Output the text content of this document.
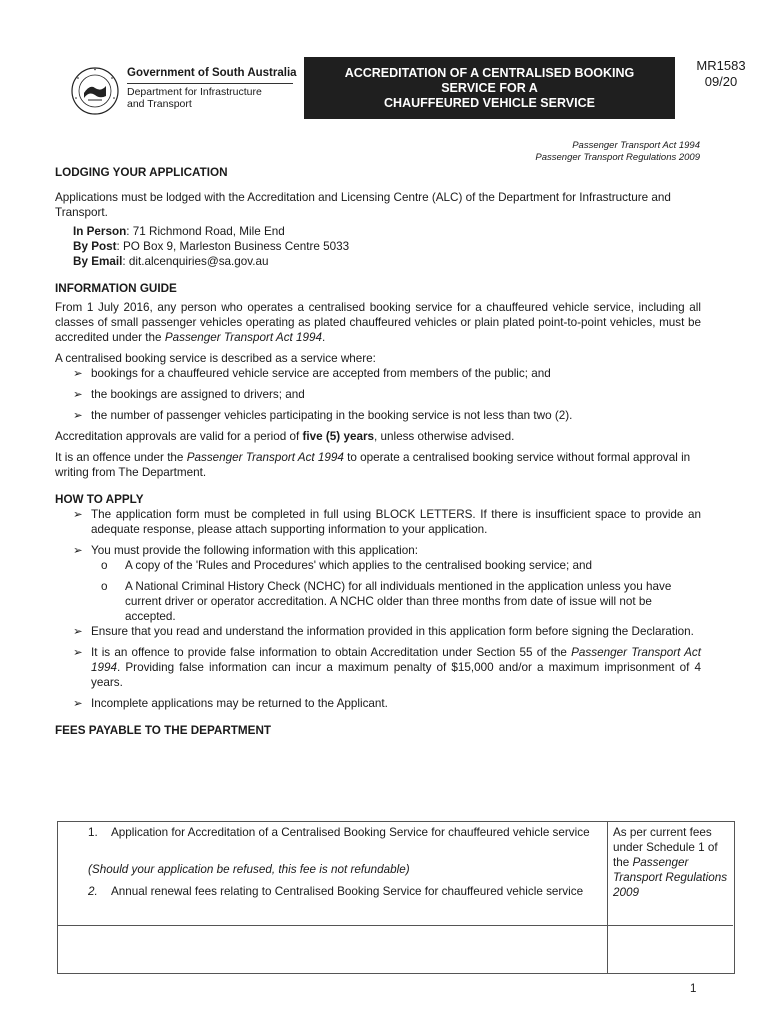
Government of South Australia
Department for Infrastructure
and Transport
ACCREDITATION OF A CENTRALISED BOOKING
SERVICE FOR A
CHAUFFEURED VEHICLE SERVICE
MR1583
09/20
Passenger Transport Act 1994
Passenger Transport Regulations 2009

LODGING YOUR APPLICATION

Applications must be lodged with the Accreditation and Licensing Centre (ALC) of the Department for Infrastructure and Transport.

In Person: 71 Richmond Road, Mile End
By Post: PO Box 9, Marleston Business Centre 5033
By Email: dit.alcenquiries@sa.gov.au

INFORMATION GUIDE

From 1 July 2016, any person who operates a centralised booking service for a chauffeured vehicle service, including all classes of small passenger vehicles operating as plated chauffeured vehicles or plain plated point-to-point vehicles, must be accredited under the Passenger Transport Act 1994.

A centralised booking service is described as a service where:

➢ bookings for a chauffeured vehicle service are accepted from members of the public; and
➢ the bookings are assigned to drivers; and
➢ the number of passenger vehicles participating in the booking service is not less than two (2).

Accreditation approvals are valid for a period of five (5) years, unless otherwise advised.

It is an offence under the Passenger Transport Act 1994 to operate a centralised booking service without formal approval in writing from The Department.

HOW TO APPLY

➢ The application form must be completed in full using BLOCK LETTERS. If there is insufficient space to provide an adequate response, please attach supporting information to your application.
➢ You must provide the following information with this application:
o A copy of the 'Rules and Procedures' which applies to the centralised booking service; and
o A National Criminal History Check (NCHC) for all individuals mentioned in the application unless you have current driver or operator accreditation. A NCHC older than three months from date of issue will not be accepted.
➢ Ensure that you read and understand the information provided in this application form before signing the Declaration.
➢ It is an offence to provide false information to obtain Accreditation under Section 55 of the Passenger Transport Act 1994. Providing false information can incur a maximum penalty of $15,000 and/or a maximum imprisonment of 4 years.
➢ Incomplete applications may be returned to the Applicant.

FEES PAYABLE TO THE DEPARTMENT

1.	Application for Accreditation of a Centralised Booking Service for chauffeured vehicle service
(Should your application be refused, this fee is not refundable)
2.	Annual renewal fees relating to Centralised Booking Service for chauffeured vehicle service
As per current fees under Schedule 1 of the Passenger Transport Regulations 2009
1
